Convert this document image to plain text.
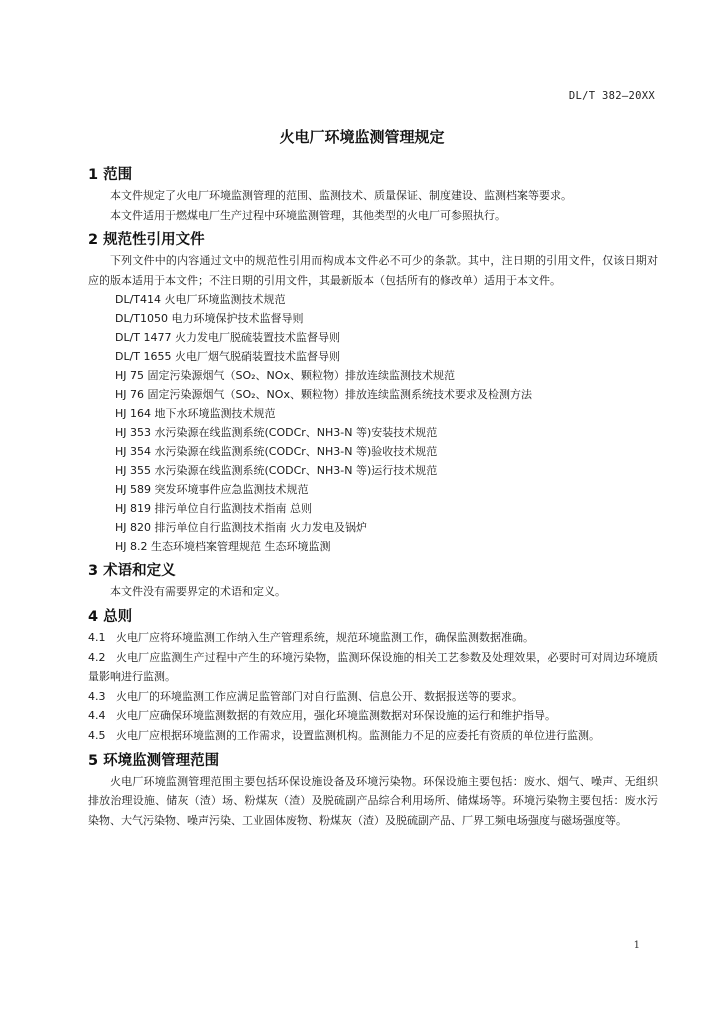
DL/T 382—20XX
火电厂环境监测管理规定
1 范围

本文件规定了火电厂环境监测管理的范围、监测技术、质量保证、制度建设、监测档案等要求。

本文件适用于燃煤电厂生产过程中环境监测管理，其他类型的火电厂可参照执行。

2 规范性引用文件

下列文件中的内容通过文中的规范性引用而构成本文件必不可少的条款。其中，注日期的引用文件，仅该日期对应的版本适用于本文件；不注日期的引用文件，其最新版本（包括所有的修改单）适用于本文件。

DL/T414 火电厂环境监测技术规范

DL/T1050 电力环境保护技术监督导则

DL/T 1477 火力发电厂脱硫装置技术监督导则

DL/T 1655 火电厂烟气脱硝装置技术监督导则

HJ 75 固定污染源烟气（SO₂、NOx、颗粒物）排放连续监测技术规范

HJ 76 固定污染源烟气（SO₂、NOx、颗粒物）排放连续监测系统技术要求及检测方法

HJ 164 地下水环境监测技术规范

HJ 353 水污染源在线监测系统(CODCr、NH3-N 等)安装技术规范

HJ 354 水污染源在线监测系统(CODCr、NH3-N 等)验收技术规范

HJ 355 水污染源在线监测系统(CODCr、NH3-N 等)运行技术规范

HJ 589 突发环境事件应急监测技术规范

HJ 819 排污单位自行监测技术指南 总则

HJ 820 排污单位自行监测技术指南 火力发电及锅炉

HJ 8.2 生态环境档案管理规范 生态环境监测

3 术语和定义

本文件没有需要界定的术语和定义。

4 总则

4.1 火电厂应将环境监测工作纳入生产管理系统，规范环境监测工作，确保监测数据准确。

4.2 火电厂应监测生产过程中产生的环境污染物，监测环保设施的相关工艺参数及处理效果，必要时可对周边环境质量影响进行监测。

4.3 火电厂的环境监测工作应满足监管部门对自行监测、信息公开、数据报送等的要求。

4.4 火电厂应确保环境监测数据的有效应用，强化环境监测数据对环保设施的运行和维护指导。

4.5 火电厂应根据环境监测的工作需求，设置监测机构。监测能力不足的应委托有资质的单位进行监测。

5 环境监测管理范围

火电厂环境监测管理范围主要包括环保设施设备及环境污染物。环保设施主要包括：废水、烟气、噪声、无组织排放治理设施、储灰（渣）场、粉煤灰（渣）及脱硫副产品综合利用场所、储煤场等。环境污染物主要包括：废水污染物、大气污染物、噪声污染、工业固体废物、粉煤灰（渣）及脱硫副产品、厂界工频电场强度与磁场强度等。

1
